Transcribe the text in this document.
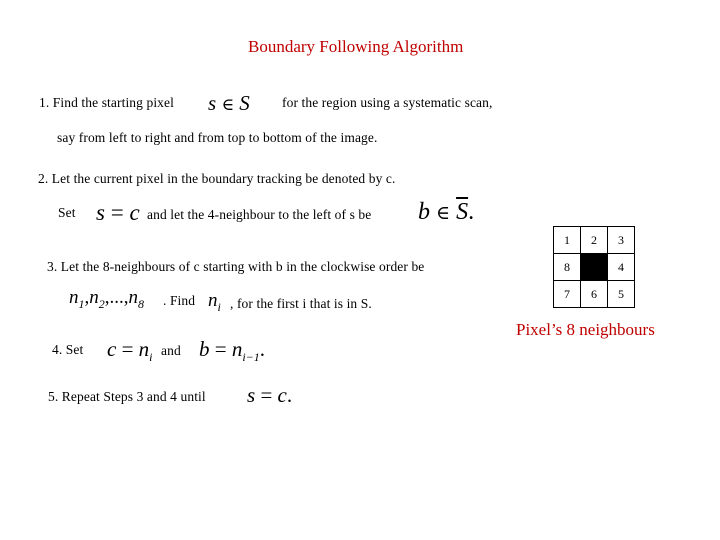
Boundary Following Algorithm
1. Find the starting pixel s ∈ S for the region using a systematic scan,
say from left to right and from top to bottom of the image.
2. Let the current pixel in the boundary tracking be denoted by c.
Set s = c and let the 4-neighbour to the left of s be b ∈ $\overline{S}$.
3. Let the 8-neighbours of c starting with b in the clockwise order be
$n_1,n_2,...,n_8$ . Find $n_i$ , for the first i that is in S.
4. Set $c = n_i$ and $b = n_{i-1}$.
5. Repeat Steps 3 and 4 until s = c.
1	2	3
8		4
7	6	5
Pixel’s 8 neighbours
